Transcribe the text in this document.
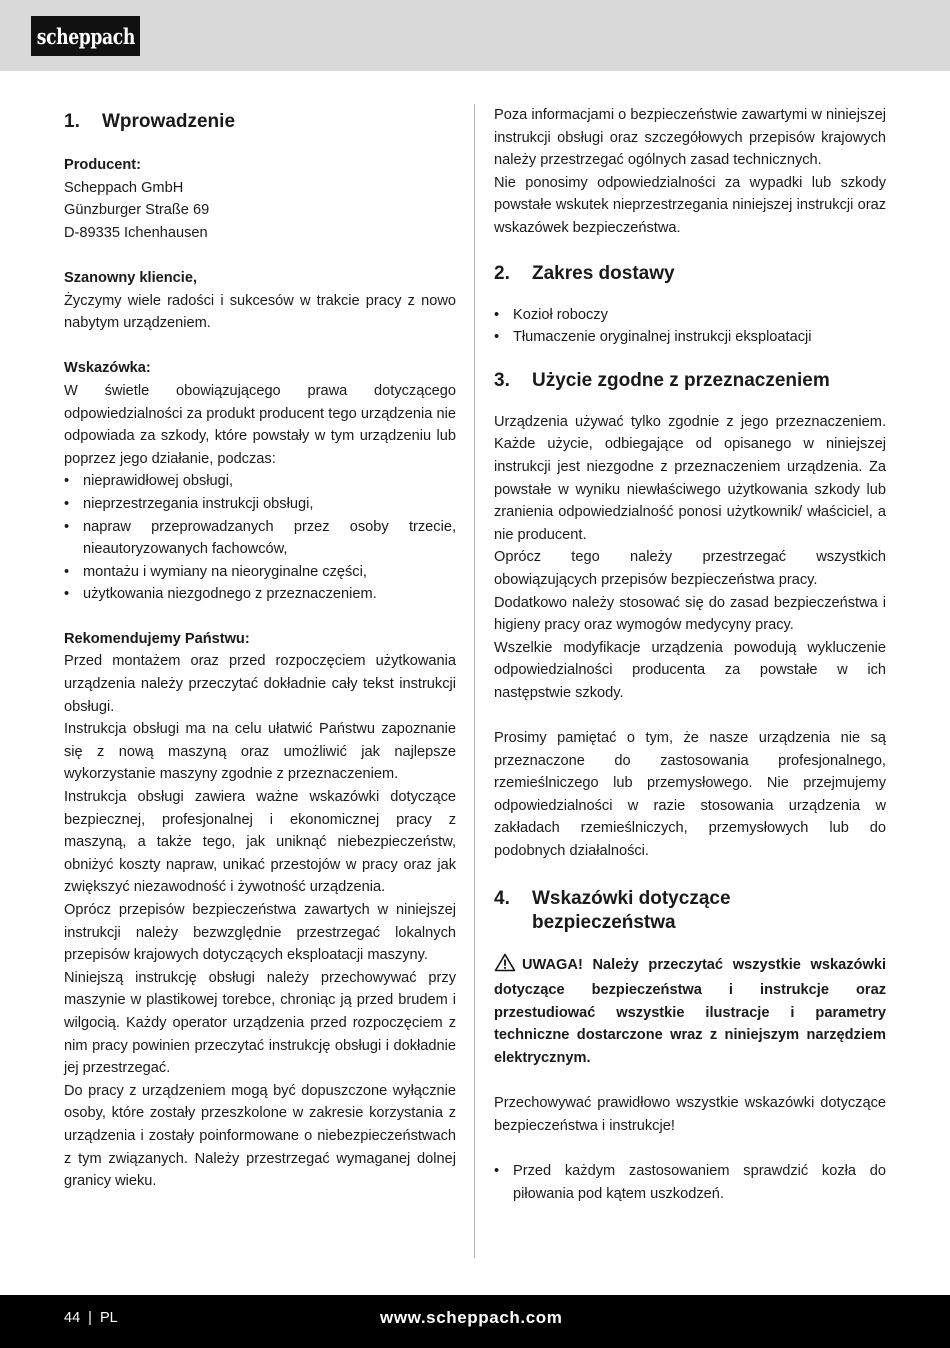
scheppach
1.	Wprowadzenie

Producent:

Scheppach GmbH

Günzburger Straße 69

D-89335 Ichenhausen

Szanowny kliencie,

Życzymy wiele radości i sukcesów w trakcie pracy z nowo nabytym urządzeniem.

Wskazówka:

W świetle obowiązującego prawa dotyczącego odpowiedzialności za produkt producent tego urządzenia nie odpowiada za szkody, które powstały w tym urządzeniu lub poprzez jego działanie, podczas:

• nieprawidłowej obsługi,
• nieprzestrzegania instrukcji obsługi,
• napraw przeprowadzanych przez osoby trzecie, nieautoryzowanych fachowców,
• montażu i wymiany na nieoryginalne części,
• użytkowania niezgodnego z przeznaczeniem.

Rekomendujemy Państwu:

Przed montażem oraz przed rozpoczęciem użytkowania urządzenia należy przeczytać dokładnie cały tekst instrukcji obsługi.

Instrukcja obsługi ma na celu ułatwić Państwu zapoznanie się z nową maszyną oraz umożliwić jak najlepsze wykorzystanie maszyny zgodnie z przeznaczeniem.

Instrukcja obsługi zawiera ważne wskazówki dotyczące bezpiecznej, profesjonalnej i ekonomicznej pracy z maszyną, a także tego, jak uniknąć niebezpieczeństw, obniżyć koszty napraw, unikać przestojów w pracy oraz jak zwiększyć niezawodność i żywotność urządzenia.

Oprócz przepisów bezpieczeństwa zawartych w niniejszej instrukcji należy bezwzględnie przestrzegać lokalnych przepisów krajowych dotyczących eksploatacji maszyny.

Niniejszą instrukcję obsługi należy przechowywać przy maszynie w plastikowej torebce, chroniąc ją przed brudem i wilgocią. Każdy operator urządzenia przed rozpoczęciem z nim pracy powinien przeczytać instrukcję obsługi i dokładnie jej przestrzegać.

Do pracy z urządzeniem mogą być dopuszczone wyłącznie osoby, które zostały przeszkolone w zakresie korzystania z urządzenia i zostały poinformowane o niebezpieczeństwach z tym związanych. Należy przestrzegać wymaganej dolnej granicy wieku.

Poza informacjami o bezpieczeństwie zawartymi w niniejszej instrukcji obsługi oraz szczegółowych przepisów krajowych należy przestrzegać ogólnych zasad technicznych.

Nie ponosimy odpowiedzialności za wypadki lub szkody powstałe wskutek nieprzestrzegania niniejszej instrukcji oraz wskazówek bezpieczeństwa.

2.	Zakres dostawy
• Kozioł roboczy
• Tłumaczenie oryginalnej instrukcji eksploatacji
3.	Użycie zgodne z przeznaczeniem

Urządzenia używać tylko zgodnie z jego przeznaczeniem. Każde użycie, odbiegające od opisanego w niniejszej instrukcji jest niezgodne z przeznaczeniem urządzenia. Za powstałe w wyniku niewłaściwego użytkowania szkody lub zranienia odpowiedzialność ponosi użytkownik/ właściciel, a nie producent.

Oprócz tego należy przestrzegać wszystkich obowiązujących przepisów bezpieczeństwa pracy.

Dodatkowo należy stosować się do zasad bezpieczeństwa i higieny pracy oraz wymogów medycyny pracy.

Wszelkie modyfikacje urządzenia powodują wykluczenie odpowiedzialności producenta za powstałe w ich następstwie szkody.

Prosimy pamiętać o tym, że nasze urządzenia nie są przeznaczone do zastosowania profesjonalnego, rzemieślniczego lub przemysłowego. Nie przejmujemy odpowiedzialności w razie stosowania urządzenia w zakładach rzemieślniczych, przemysłowych lub do podobnych działalności.

4.	Wskazówki dotyczące bezpieczeństwa

UWAGA! Należy przeczytać wszystkie wskazówki dotyczące bezpieczeństwa i instrukcje oraz przestudiować wszystkie ilustracje i parametry techniczne dostarczone wraz z niniejszym narzędziem elektrycznym.

Przechowywać prawidłowo wszystkie wskazówki dotyczące bezpieczeństwa i instrukcje!

• Przed każdym zastosowaniem sprawdzić kozła do piłowania pod kątem uszkodzeń.
44 | PL	www.scheppach.com
